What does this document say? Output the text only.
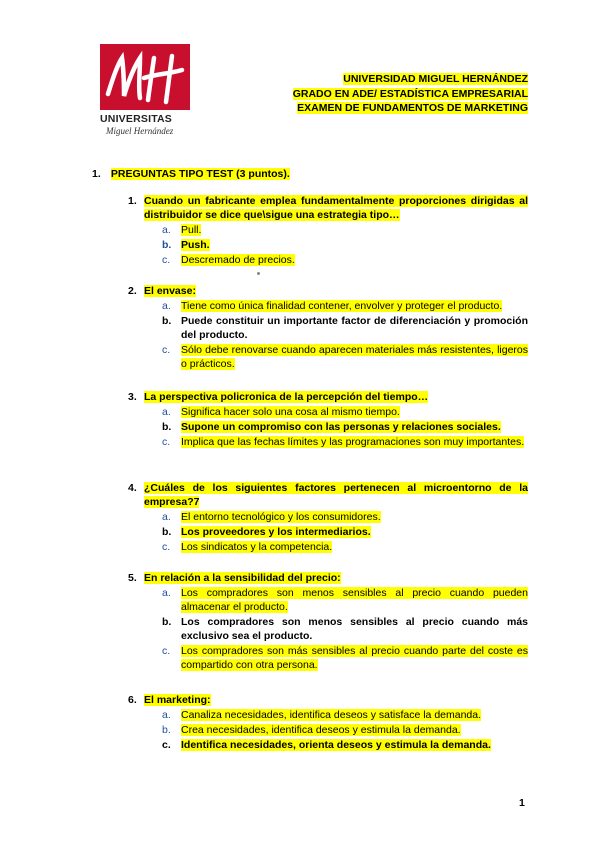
UNIVERSITAS
Miguel Hernández
UNIVERSIDAD MIGUEL HERNÁNDEZ
GRADO EN ADE/ ESTADÍSTICA EMPRESARIAL
EXAMEN DE FUNDAMENTOS DE MARKETING
1. PREGUNTAS TIPO TEST (3 puntos).
1. Cuando un fabricante emplea fundamentalmente proporciones dirigidas al distribuidor se dice que\sigue una estrategia tipo…
a. Pull.
b. Push.
c. Descremado de precios.
2. El envase:
a. Tiene como única finalidad contener, envolver y proteger el producto.
b. Puede constituir un importante factor de diferenciación y promoción del producto.
c. Sólo debe renovarse cuando aparecen materiales más resistentes, ligeros o prácticos.
3. La perspectiva policronica de la percepción del tiempo…
a. Significa hacer solo una cosa al mismo tiempo.
b. Supone un compromiso con las personas y relaciones sociales.
c. Implica que las fechas límites y las programaciones son muy importantes.
4. ¿Cuáles de los siguientes factores pertenecen al microentorno de la empresa?7
a. El entorno tecnológico y los consumidores.
b. Los proveedores y los intermediarios.
c. Los sindicatos y la competencia.
5. En relación a la sensibilidad del precio:
a. Los compradores son menos sensibles al precio cuando pueden almacenar el producto.
b. Los compradores son menos sensibles al precio cuando más exclusivo sea el producto.
c. Los compradores son más sensibles al precio cuando parte del coste es compartido con otra persona.
6. El marketing:
a. Canaliza necesidades, identifica deseos y satisface la demanda.
b. Crea necesidades, identifica deseos y estimula la demanda.
c. Identifica necesidades, orienta deseos y estimula la demanda.
1
